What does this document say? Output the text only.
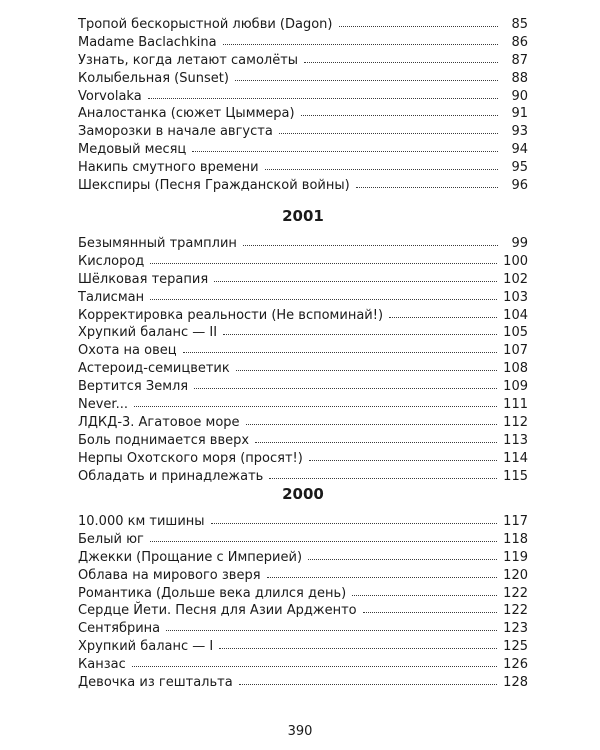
Тропой бескорыстной любви (Dagon)	85
Madame Baclachkina	86
Узнать, когда летают самолёты	87
Колыбельная (Sunset)	88
Vorvolaka	90
Аналостанка (сюжет Цыммера)	91
Заморозки в начале августа	93
Медовый месяц	94
Накипь смутного времени	95
Шекспиры (Песня Гражданской войны)	96
2001
Безымянный трамплин	99
Кислород	100
Шёлковая терапия	102
Талисман	103
Корректировка реальности (Не вспоминай!)	104
Хрупкий баланс — II	105
Охота на овец	107
Астероид-семицветик	108
Вертится Земля	109
Never...	111
ЛДКД-3. Агатовое море	112
Боль поднимается вверх	113
Нерпы Охотского моря (просят!)	114
Обладать и принадлежать	115
2000
10.000 км тишины	117
Белый юг	118
Джекки (Прощание с Империей)	119
Облава на мирового зверя	120
Романтика (Дольше века длился день)	122
Сердце Йети. Песня для Азии Ардженто	122
Сентябрина	123
Хрупкий баланс — I	125
Канзас	126
Девочка из гештальта	128
390
